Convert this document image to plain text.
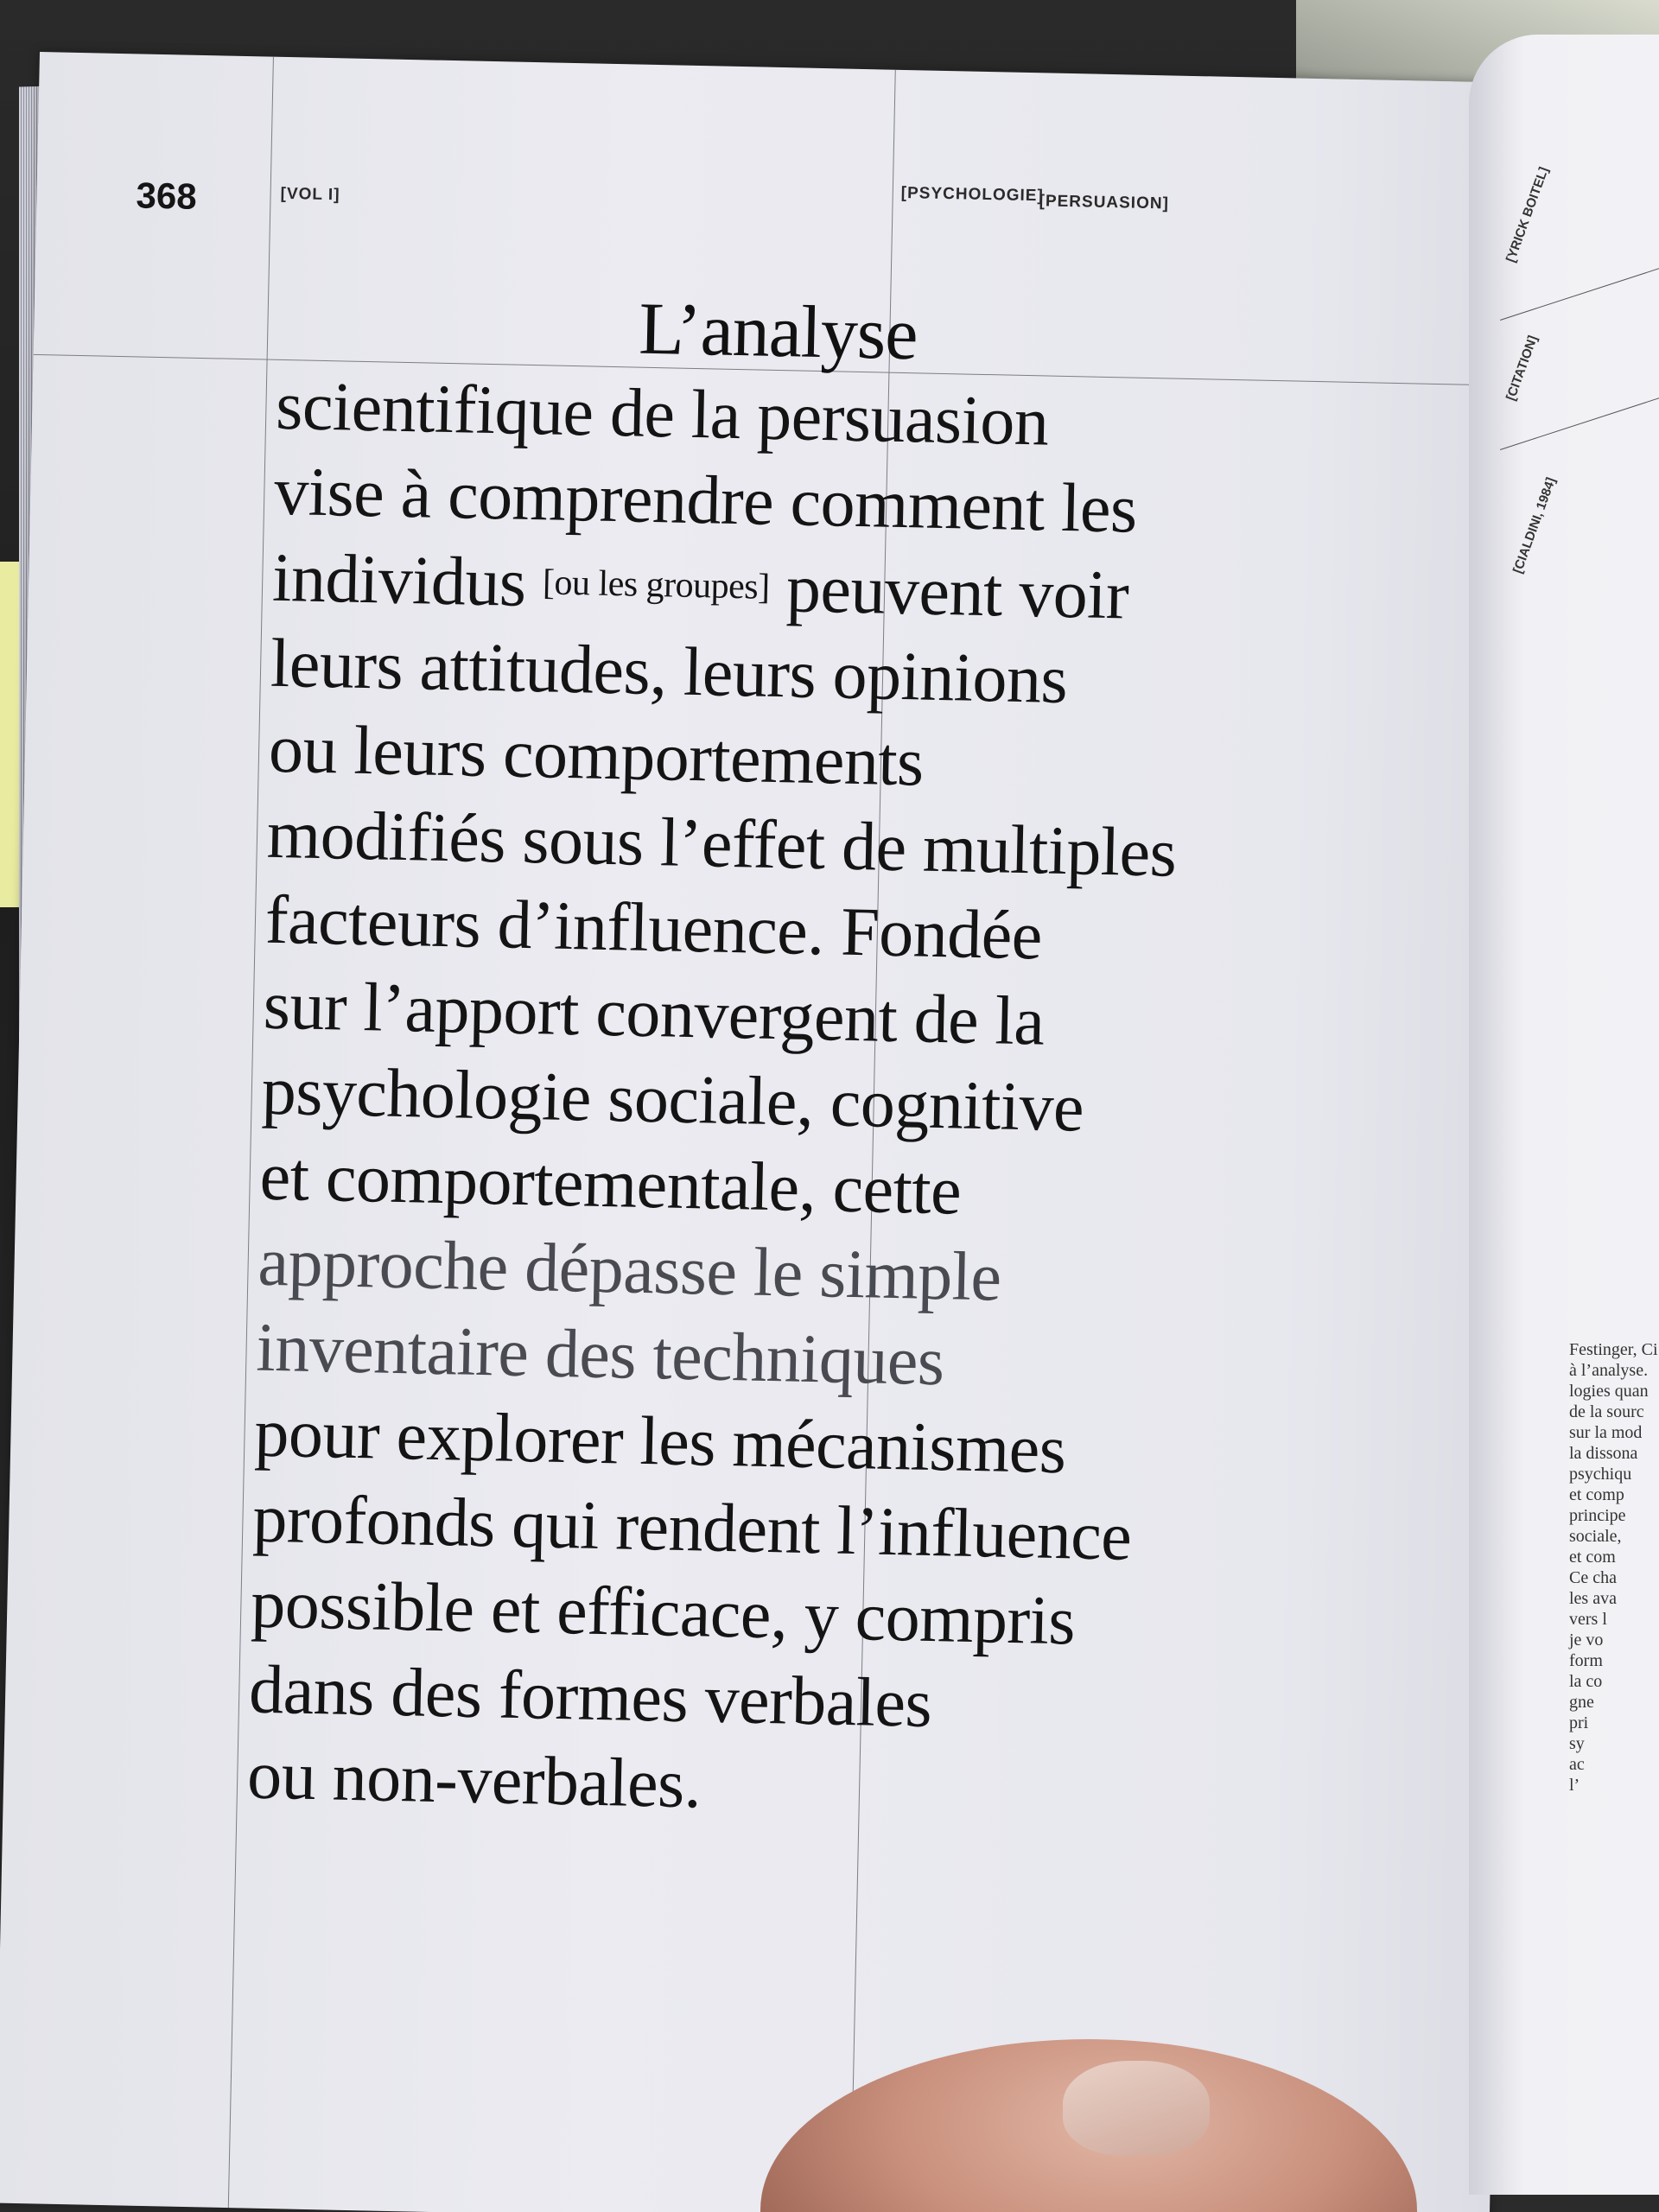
368	[VOL I]	[PSYCHOLOGIE]
[PERSUASION]
L’analyse
scientifique de la persuasion
vise à comprendre comment les
individus [ou les groupes] peuvent voir
leurs attitudes, leurs opinions
ou leurs comportements
modifiés sous l’effet de multiples
facteurs d’influence. Fondée
sur l’apport convergent de la
psychologie sociale, cognitive
et comportementale, cette
approche dépasse le simple
inventaire des techniques
pour explorer les mécanismes
profonds qui rendent l’influence
possible et efficace, y compris
dans des formes verbales
ou non-verbales.
[YRICK BOITEL]
[CITATION]
[CIALDINI, 1984]
Festinger, Ci
à l’analyse.
logies quan
de la sourc
sur la mod
la dissona
psychiqu
et comp
principe
sociale,
et com
Ce cha
les ava
vers l
je vo
form
la co
gne
pri
sy
ac
l’
